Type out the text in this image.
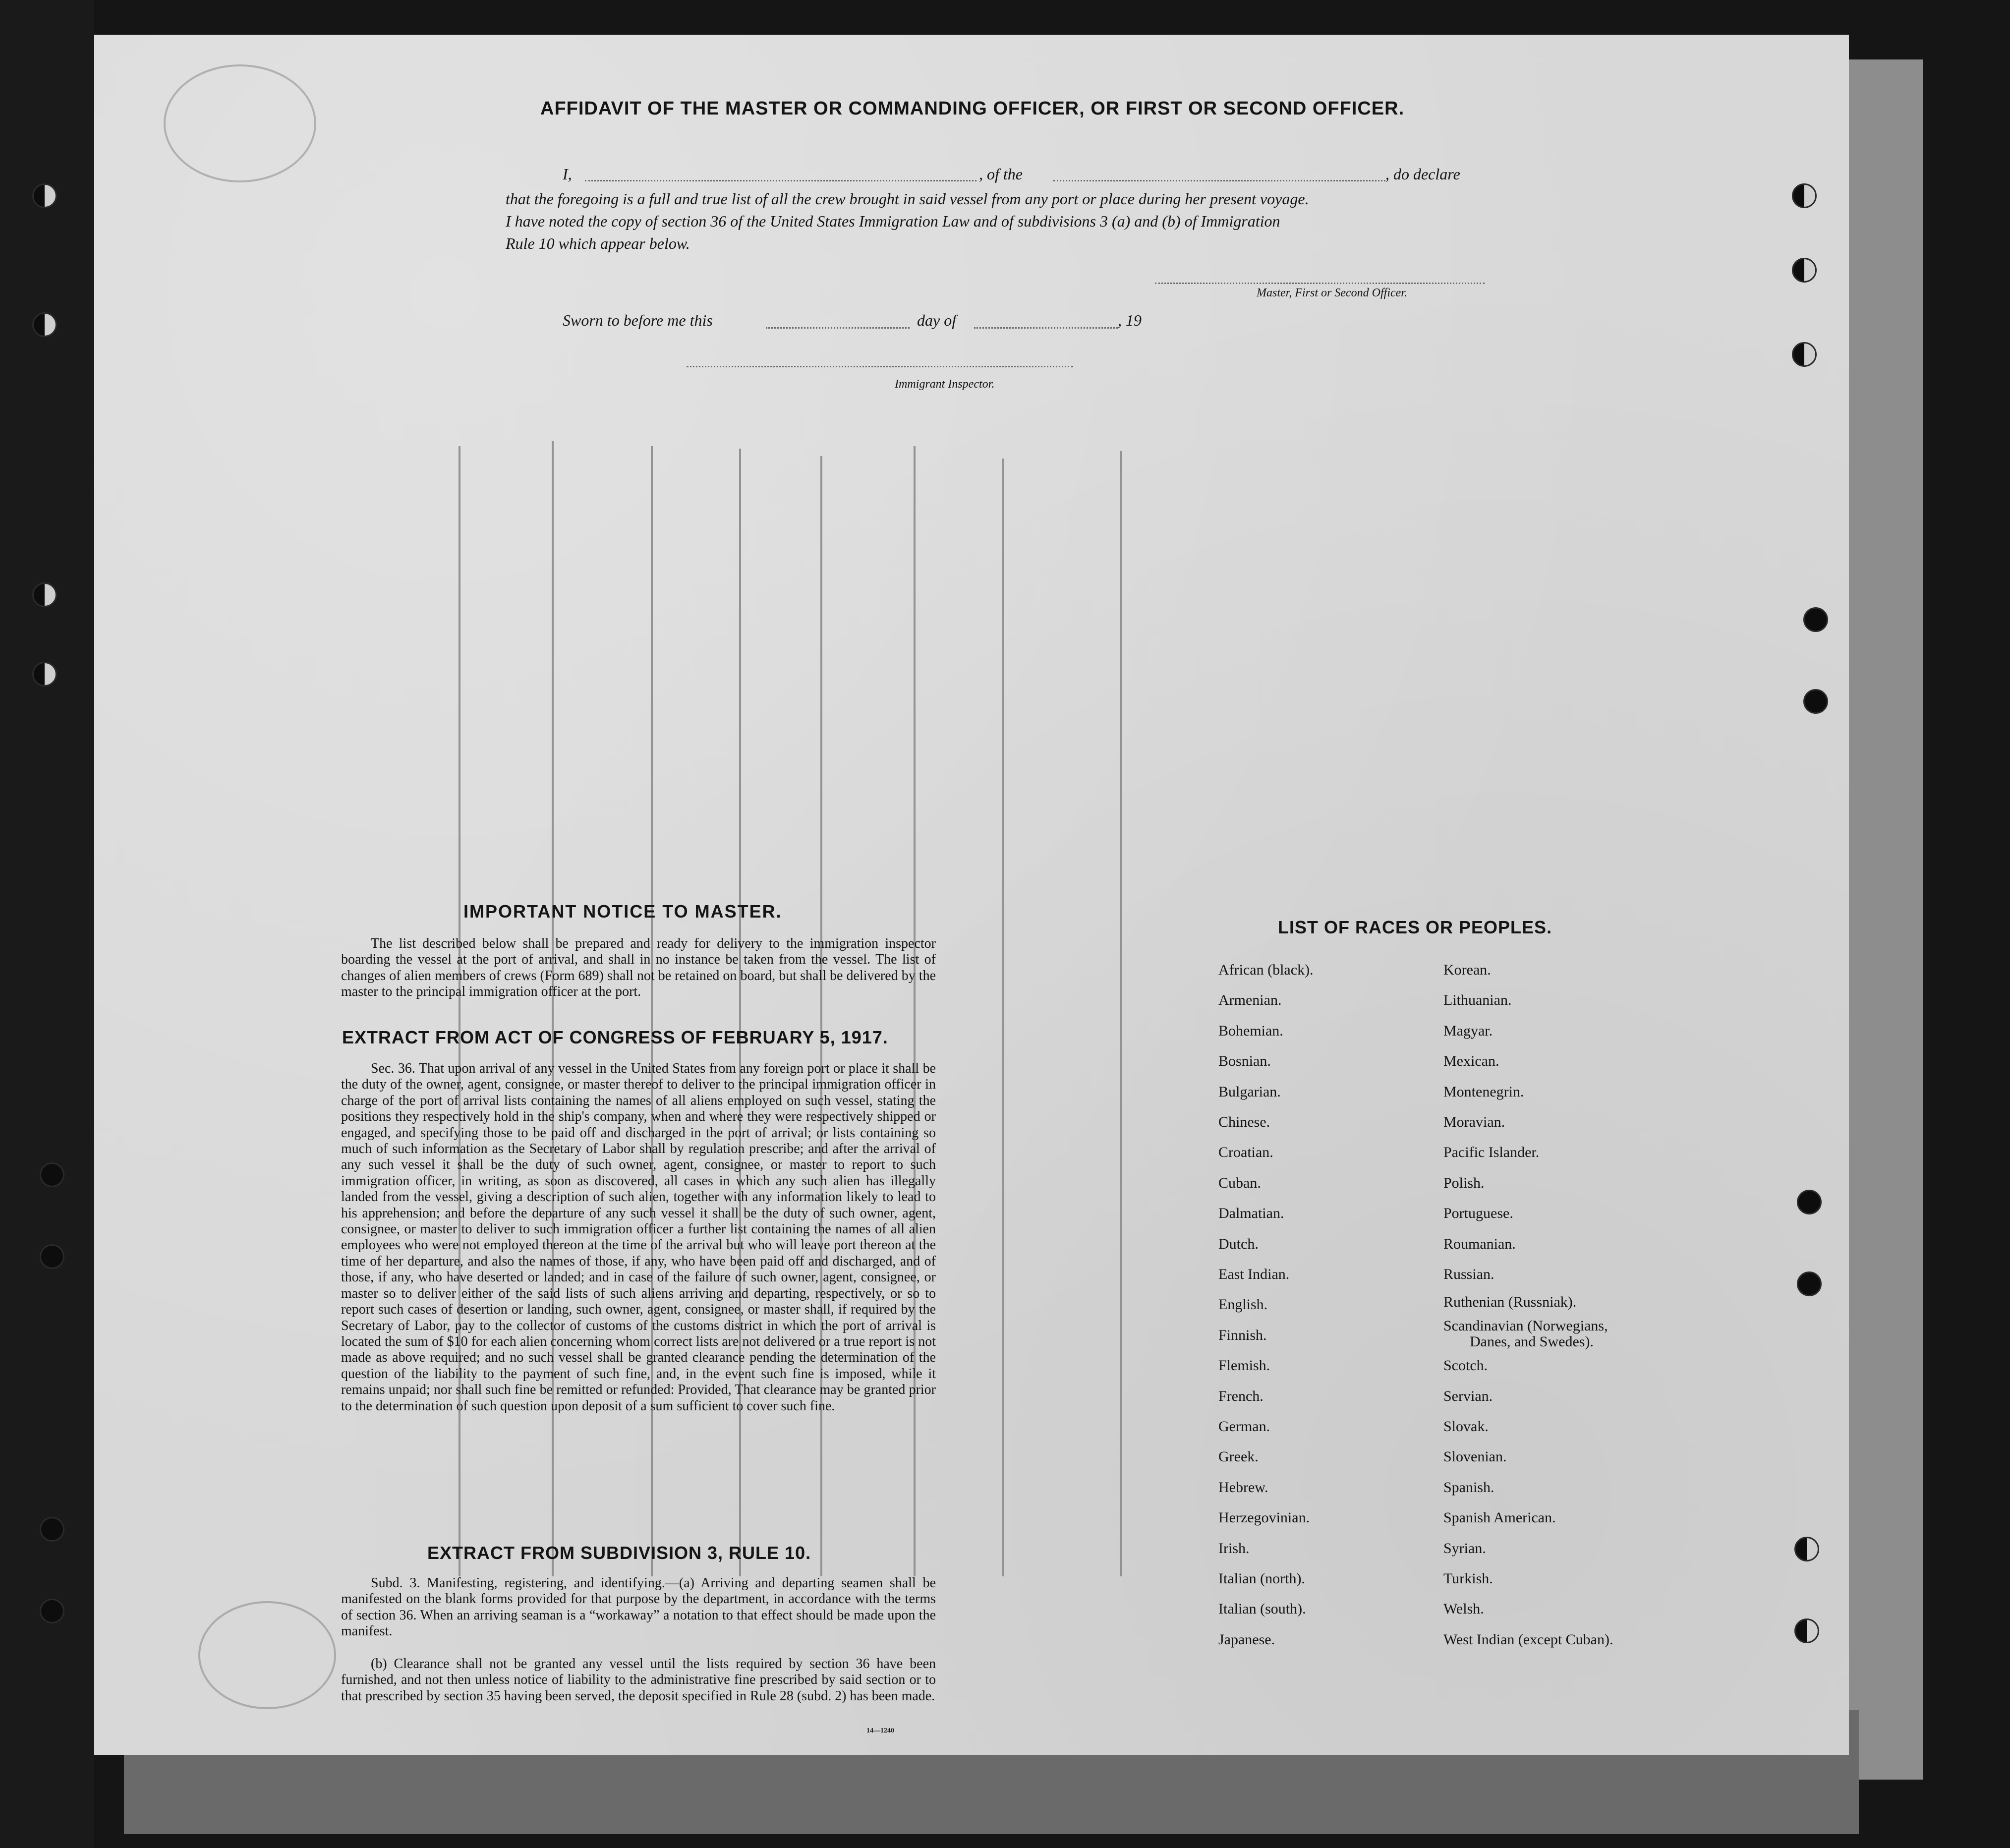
AFFIDAVIT OF THE MASTER OR COMMANDING OFFICER, OR FIRST OR SECOND OFFICER.
I,	, of the	, do declare
that the foregoing is a full and true list of all the crew brought in said vessel from any port or place during her present voyage.
I have noted the copy of section 36 of the United States Immigration Law and of subdivisions 3 (a) and (b) of Immigration
Rule 10 which appear below.
Master, First or Second Officer.
Sworn to before me this	day of	, 19
Immigrant Inspector.
IMPORTANT NOTICE TO MASTER.
The list described below shall be prepared and ready for delivery to the immigration inspector boarding the vessel at the port of arrival, and shall in no instance be taken from the vessel. The list of changes of alien members of crews (Form 689) shall not be retained on board, but shall be delivered by the master to the principal immigration officer at the port.
EXTRACT FROM ACT OF CONGRESS OF FEBRUARY 5, 1917.
Sec. 36. That upon arrival of any vessel in the United States from any foreign port or place it shall be the duty of the owner, agent, consignee, or master thereof to deliver to the principal immigration officer in charge of the port of arrival lists containing the names of all aliens employed on such vessel, stating the positions they respectively hold in the ship's company, when and where they were respectively shipped or engaged, and specifying those to be paid off and discharged in the port of arrival; or lists containing so much of such information as the Secretary of Labor shall by regulation prescribe; and after the arrival of any such vessel it shall be the duty of such owner, agent, consignee, or master to report to such immigration officer, in writing, as soon as discovered, all cases in which any such alien has illegally landed from the vessel, giving a description of such alien, together with any information likely to lead to his apprehension; and before the departure of any such vessel it shall be the duty of such owner, agent, consignee, or master to deliver to such immigration officer a further list containing the names of all alien employees who were not employed thereon at the time of the arrival but who will leave port thereon at the time of her departure, and also the names of those, if any, who have been paid off and discharged, and of those, if any, who have deserted or landed; and in case of the failure of such owner, agent, consignee, or master so to deliver either of the said lists of such aliens arriving and departing, respectively, or so to report such cases of desertion or landing, such owner, agent, consignee, or master shall, if required by the Secretary of Labor, pay to the collector of customs of the customs district in which the port of arrival is located the sum of $10 for each alien concerning whom correct lists are not delivered or a true report is not made as above required; and no such vessel shall be granted clearance pending the determination of the question of the liability to the payment of such fine, and, in the event such fine is imposed, while it remains unpaid; nor shall such fine be remitted or refunded: Provided, That clearance may be granted prior to the determination of such question upon deposit of a sum sufficient to cover such fine.
EXTRACT FROM SUBDIVISION 3, RULE 10.
Subd. 3. Manifesting, registering, and identifying.—(a) Arriving and departing seamen shall be manifested on the blank forms provided for that purpose by the department, in accordance with the terms of section 36. When an arriving seaman is a “workaway” a notation to that effect should be made upon the manifest.
(b) Clearance shall not be granted any vessel until the lists required by section 36 have been furnished, and not then unless notice of liability to the administrative fine prescribed by said section or to that prescribed by section 35 having been served, the deposit specified in Rule 28 (subd. 2) has been made.
14—1240
LIST OF RACES OR PEOPLES.
African (black).
Armenian.
Bohemian.
Bosnian.
Bulgarian.
Chinese.
Croatian.
Cuban.
Dalmatian.
Dutch.
East Indian.
English.
Finnish.
Flemish.
French.
German.
Greek.
Hebrew.
Herzegovinian.
Irish.
Italian (north).
Italian (south).
Japanese.
Korean.
Lithuanian.
Magyar.
Mexican.
Montenegrin.
Moravian.
Pacific Islander.
Polish.
Portuguese.
Roumanian.
Russian.
Ruthenian (Russniak).
Scandinavian (Norwegians,
Scotch.
Servian.
Slovak.
Slovenian.
Spanish.
Spanish American.
Syrian.
Turkish.
Welsh.
West Indian (except Cuban).
Danes, and Swedes).
